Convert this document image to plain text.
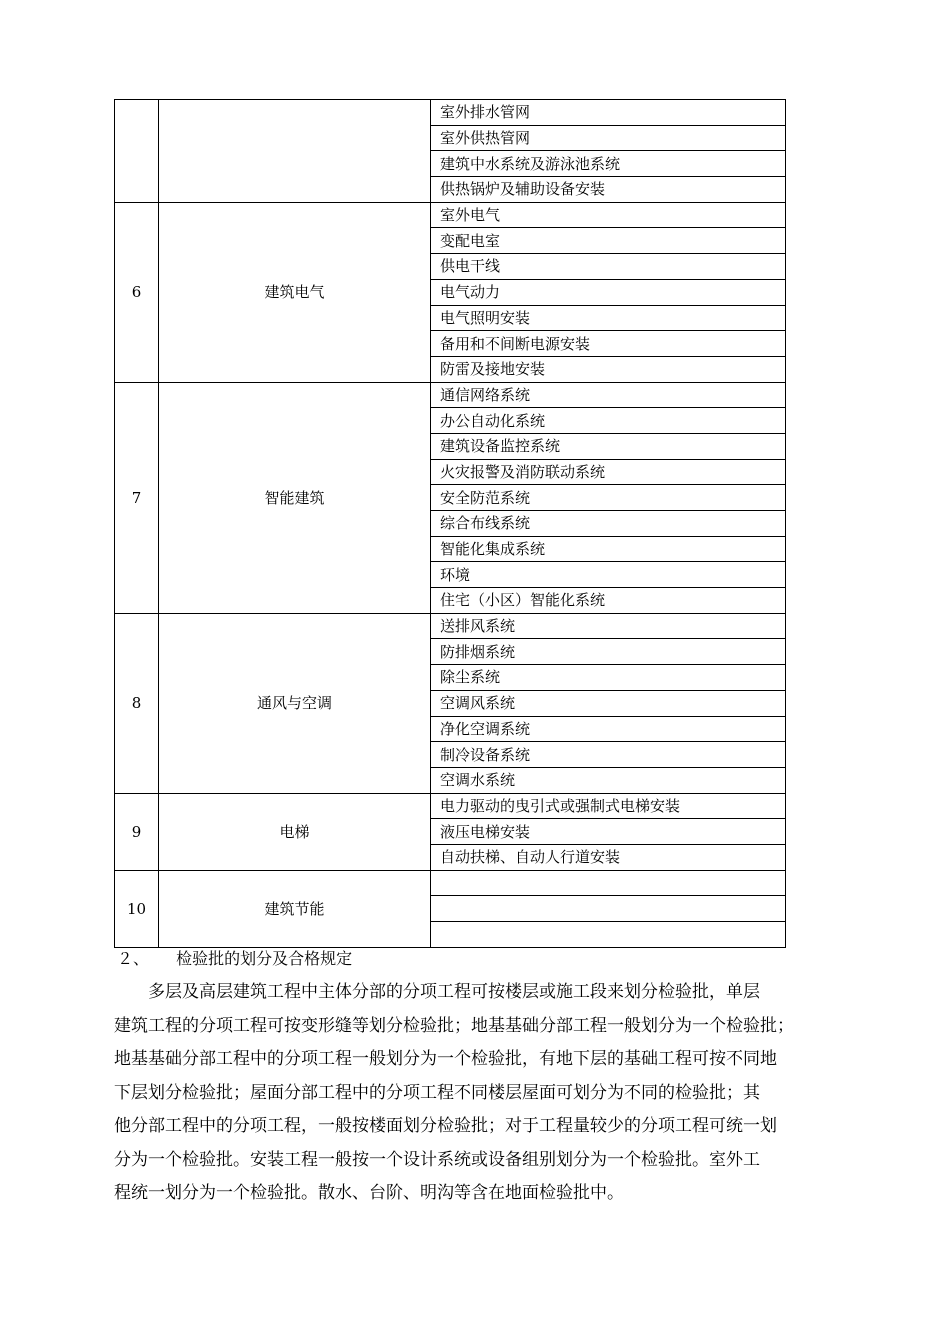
		室外排水管网
		室外供热管网
		建筑中水系统及游泳池系统
		供热锅炉及辅助设备安装
6	建筑电气	室外电气
		变配电室
		供电干线
		电气动力
		电气照明安装
		备用和不间断电源安装
		防雷及接地安装
7	智能建筑	通信网络系统
		办公自动化系统
		建筑设备监控系统
		火灾报警及消防联动系统
		安全防范系统
		综合布线系统
		智能化集成系统
		环境
		住宅（小区）智能化系统
8	通风与空调	送排风系统
		防排烟系统
		除尘系统
		空调风系统
		净化空调系统
		制冷设备系统
		空调水系统
9	电梯	电力驱动的曳引式或强制式电梯安装
		液压电梯安装
		自动扶梯、自动人行道安装
10	建筑节能	

２、 检验批的划分及合格规定

　　多层及高层建筑工程中主体分部的分项工程可按楼层或施工段来划分检验批，单层
建筑工程的分项工程可按变形缝等划分检验批；地基基础分部工程一般划分为一个检验批；
地基基础分部工程中的分项工程一般划分为一个检验批，有地下层的基础工程可按不同地
下层划分检验批；屋面分部工程中的分项工程不同楼层屋面可划分为不同的检验批；其
他分部工程中的分项工程，一般按楼面划分检验批；对于工程量较少的分项工程可统一划
分为一个检验批。安装工程一般按一个设计系统或设备组别划分为一个检验批。室外工
程统一划分为一个检验批。散水、台阶、明沟等含在地面检验批中。
